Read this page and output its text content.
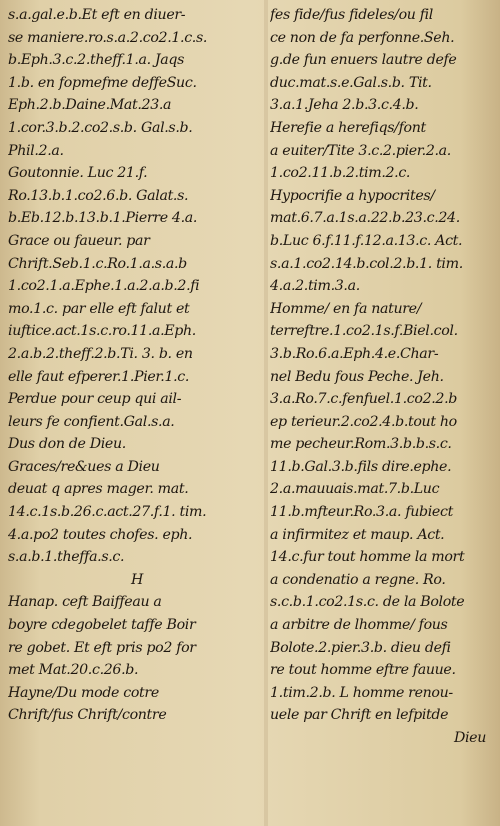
s.a.gal.e.b.Et eft en diuer-
se maniere.ro.s.a.2.co2.1.c.s.
b.Eph.3.c.2.theff.1.a. Jaqs
1.b. en fopmefme deffeSuc.
Eph.2.b.Daine.Mat.23.a
1.cor.3.b.2.co2.s.b. Gal.s.b.
Phil.2.a.
Goutonnie. Luc 21.f.
Ro.13.b.1.co2.6.b. Galat.s.
b.Eb.12.b.13.b.1.Pierre 4.a.
Grace ou faueur. par
Chrift.Seb.1.c.Ro.1.a.s.a.b
1.co2.1.a.Ephe.1.a.2.a.b.2.fi
mo.1.c. par elle eft falut et
iuftice.act.1s.c.ro.11.a.Eph.
2.a.b.2.theff.2.b.Ti. 3. b. en
elle faut efperer.1.Pier.1.c.
Perdue pour ceup qui ail-
leurs fe confient.Gal.s.a.
Dus don de Dieu.
Graces/re&ues a Dieu
deuat q apres mager. mat.
14.c.1s.b.26.c.act.27.f.1. tim.
4.a.po2 toutes chofes. eph.
s.a.b.1.theffa.s.c.
H
Hanap. ceft Baiffeau a
boyre cdegobelet taffe Boir
re gobet. Et eft pris po2 for
met Mat.20.c.26.b.
Hayne/Du mode cotre
Chrift/fus Chrift/contre
fes fide/fus fideles/ou fil
ce non de fa perfonne.Seh.
g.de fun enuers lautre defe
duc.mat.s.e.Gal.s.b. Tit.
3.a.1.Jeha 2.b.3.c.4.b.
Herefie a herefiqs/font
a euiter/Tite 3.c.2.pier.2.a.
1.co2.11.b.2.tim.2.c.
Hypocrifie a hypocrites/
mat.6.7.a.1s.a.22.b.23.c.24.
b.Luc 6.f.11.f.12.a.13.c. Act.
s.a.1.co2.14.b.col.2.b.1. tim.
4.a.2.tim.3.a.
Homme/ en fa nature/
terreftre.1.co2.1s.f.Biel.col.
3.b.Ro.6.a.Eph.4.e.Char-
nel Bedu fous Peche. Jeh.
3.a.Ro.7.c.fenfuel.1.co2.2.b
ep terieur.2.co2.4.b.tout ho
me pecheur.Rom.3.b.b.s.c.
11.b.Gal.3.b.fils dire.ephe.
2.a.mauuais.mat.7.b.Luc
11.b.mfteur.Ro.3.a. fubiect
a infirmitez et maup. Act.
14.c.fur tout homme la mort
a condenatio a regne. Ro.
s.c.b.1.co2.1s.c. de la Bolote
a arbitre de lhomme/ fous
Bolote.2.pier.3.b. dieu defi
re tout homme eftre fauue.
1.tim.2.b. L homme renou-
uele par Chrift en lefpitde
Dieu
